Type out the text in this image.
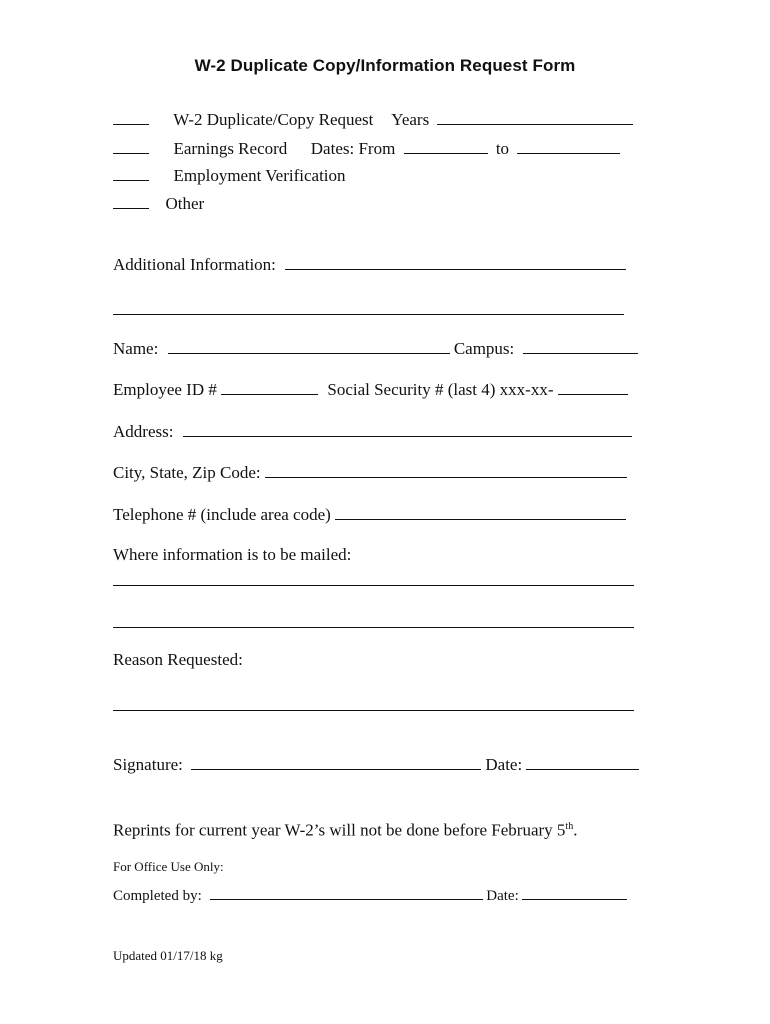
W-2 Duplicate Copy/Information Request Form
W-2 Duplicate/Copy Request Years
Earnings Record Dates: From	to
Employment Verification
Other
Additional Information:
Name:	Campus:
Employee ID #	Social Security # (last 4) xxx-xx-
Address:
City, State, Zip Code:
Telephone # (include area code)
Where information is to be mailed:
Reason Requested:
Signature:	Date:
Reprints for current year W-2’s will not be done before February 5th.
For Office Use Only:
Completed by:	Date:
Updated 01/17/18 kg
